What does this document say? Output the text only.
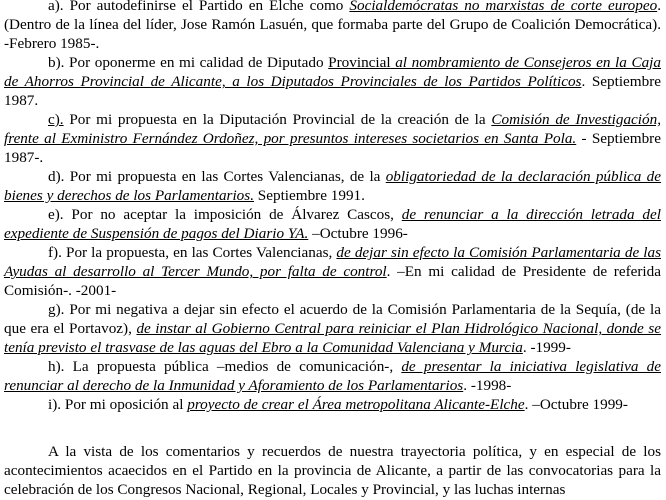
a). Por autodefinirse el Partido en Elche como Socialdemócratas no marxistas de corte europeo. (Dentro de la línea del líder, Jose Ramón Lasuén, que formaba parte del Grupo de Coalición Democrática). -Febrero 1985-.

b). Por oponerme en mi calidad de Diputado Provincial al nombramiento de Consejeros en la Caja de Ahorros Provincial de Alicante, a los Diputados Provinciales de los Partidos Políticos. Septiembre 1987.

c). Por mi propuesta en la Diputación Provincial de la creación de la Comisión de Investigación, frente al Exministro Fernández Ordoñez, por presuntos intereses societarios en Santa Pola. - Septiembre 1987-.

d). Por mi propuesta en las Cortes Valencianas, de la obligatoriedad de la declaración pública de bienes y derechos de los Parlamentarios. Septiembre 1991.

e). Por no aceptar la imposición de Álvarez Cascos, de renunciar a la dirección letrada del expediente de Suspensión de pagos del Diario YA. –Octubre 1996-

f). Por la propuesta, en las Cortes Valencianas, de dejar sin efecto la Comisión Parlamentaria de las Ayudas al desarrollo al Tercer Mundo, por falta de control. –En mi calidad de Presidente de referida Comisión-. -2001-

g). Por mi negativa a dejar sin efecto el acuerdo de la Comisión Parlamentaria de la Sequía, (de la que era el Portavoz), de instar al Gobierno Central para reiniciar el Plan Hidrológico Nacional, donde se tenía previsto el trasvase de las aguas del Ebro a la Comunidad Valenciana y Murcia. -1999-

h). La propuesta pública –medios de comunicación-, de presentar la iniciativa legislativa de renunciar al derecho de la Inmunidad y Aforamiento de los Parlamentarios. -1998-

i). Por mi oposición al proyecto de crear el Área metropolitana Alicante-Elche. –Octubre 1999-

A la vista de los comentarios y recuerdos de nuestra trayectoria política, y en especial de los acontecimientos acaecidos en el Partido en la provincia de Alicante, a partir de las convocatorias para la celebración de los Congresos Nacional, Regional, Locales y Provincial, y las luchas internas
